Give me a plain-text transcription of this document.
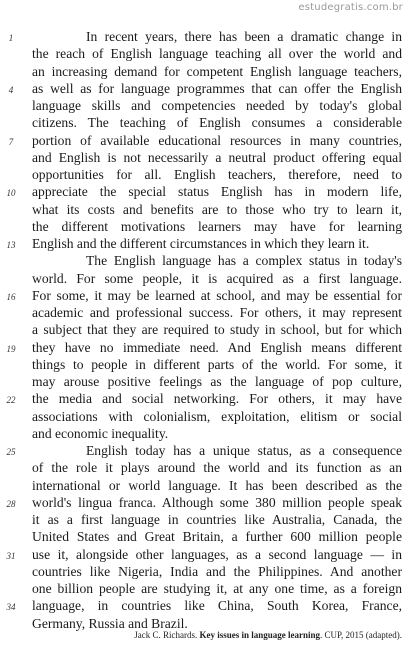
estudegratis.com.br
1	In recent years, there has been a dramatic change in
the reach of English language teaching all over the world and
an increasing demand for competent English language teachers,
4	as well as for language programmes that can offer the English
language skills and competencies needed by today's global
citizens. The teaching of English consumes a considerable
7	portion of available educational resources in many countries,
and English is not necessarily a neutral product offering equal
opportunities for all. English teachers, therefore, need to
10	appreciate the special status English has in modern life,
what its costs and benefits are to those who try to learn it,
the different motivations learners may have for learning
13	English and the different circumstances in which they learn it.
The English language has a complex status in today's
world. For some people, it is acquired as a first language.
16	For some, it may be learned at school, and may be essential for
academic and professional success. For others, it may represent
a subject that they are required to study in school, but for which
19	they have no immediate need. And English means different
things to people in different parts of the world. For some, it
may arouse positive feelings as the language of pop culture,
22	the media and social networking. For others, it may have
associations with colonialism, exploitation, elitism or social
and economic inequality.
25	English today has a unique status, as a consequence
of the role it plays around the world and its function as an
international or world language. It has been described as the
28	world's lingua franca. Although some 380 million people speak
it as a first language in countries like Australia, Canada, the
United States and Great Britain, a further 600 million people
31	use it, alongside other languages, as a second language — in
countries like Nigeria, India and the Philippines. And another
one billion people are studying it, at any one time, as a foreign
34	language, in countries like China, South Korea, France,
Germany, Russia and Brazil.
Jack C. Richards. Key issues in language learning. CUP, 2015 (adapted).
